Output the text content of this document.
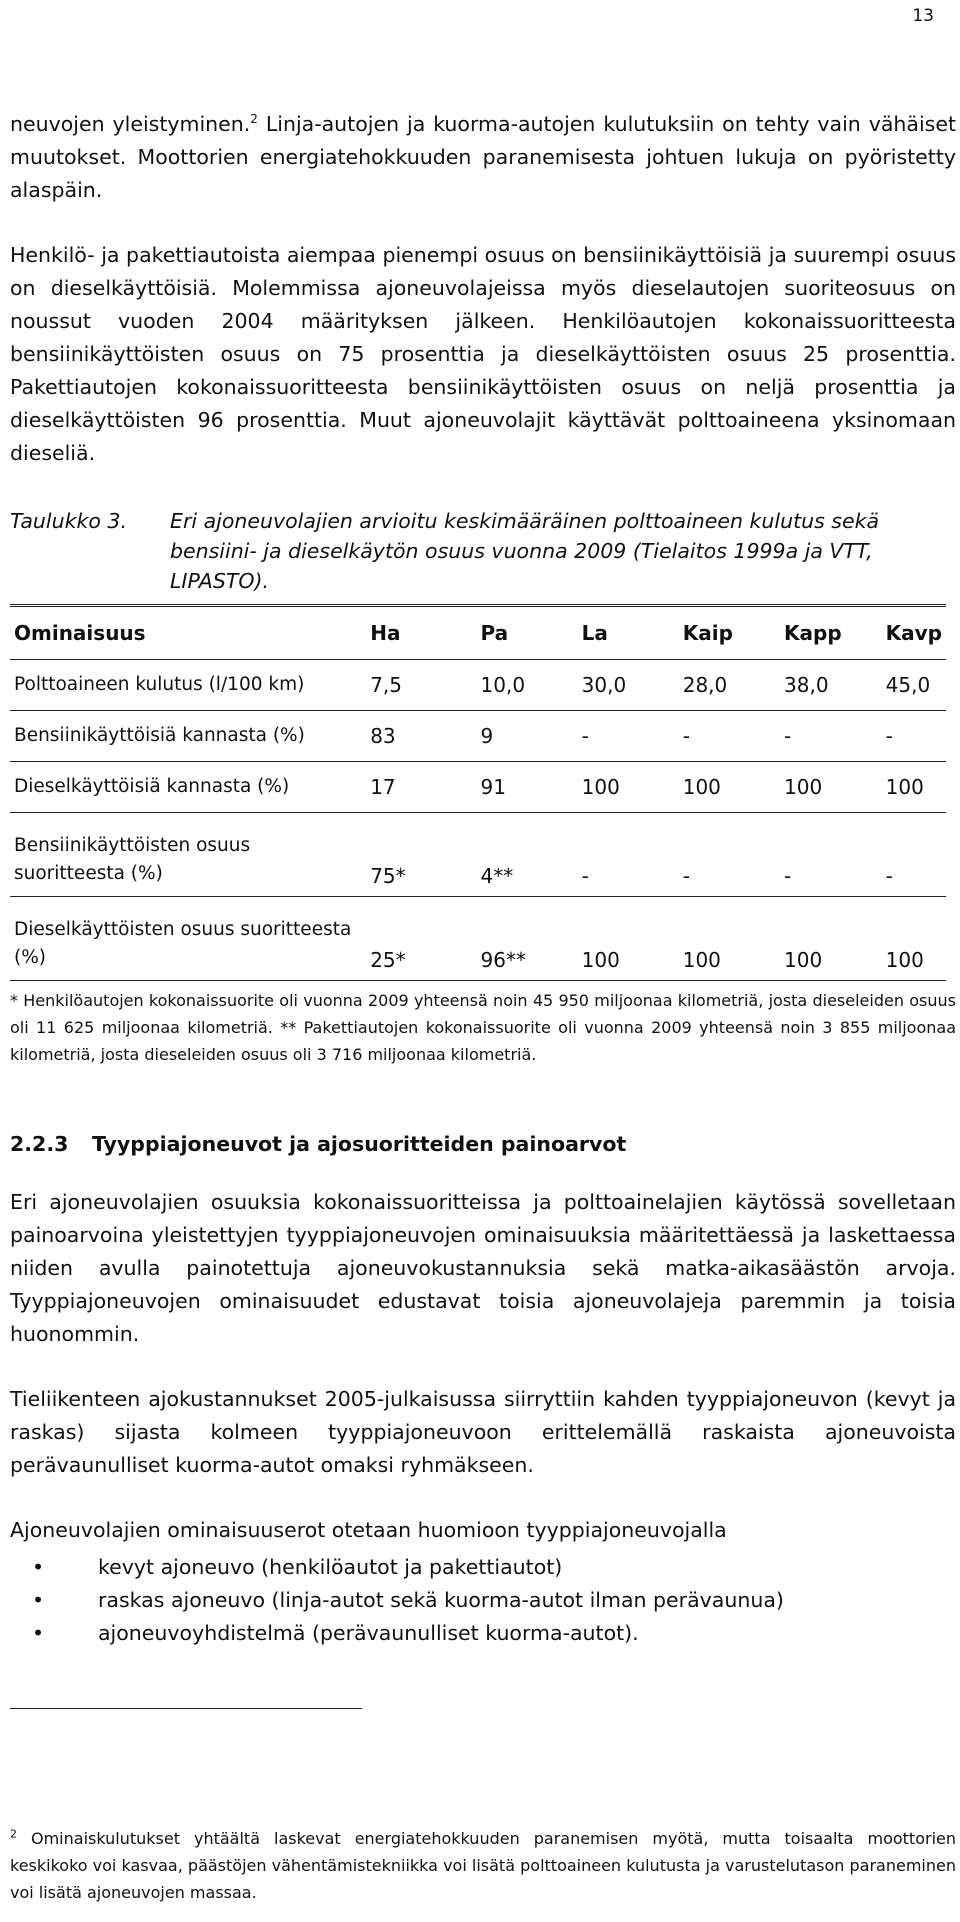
13

neuvojen yleistyminen.$^2$ Linja-autojen ja kuorma-autojen kulutuksiin on tehty vain vähäiset muutokset. Moottorien energiatehokkuuden paranemisesta johtuen lukuja on pyöristetty alaspäin.

Henkilö- ja pakettiautoista aiempaa pienempi osuus on bensiinikäyttöisiä ja suurempi osuus on dieselkäyttöisiä. Molemmissa ajoneuvolajeissa myös dieselautojen suoriteosuus on noussut vuoden 2004 määrityksen jälkeen. Henkilöautojen kokonaissuoritteesta bensiinikäyttöisten osuus on 75 prosenttia ja dieselkäyttöisten osuus 25 prosenttia. Pakettiautojen kokonaissuoritteesta bensiinikäyttöisten osuus on neljä prosenttia ja dieselkäyttöisten 96 prosenttia. Muut ajoneuvolajit käyttävät polttoaineena yksinomaan dieseliä.

Taulukko 3.	Eri ajoneuvolajien arvioitu keskimääräinen polttoaineen kulutus sekä bensiini- ja dieselkäytön osuus vuonna 2009 (Tielaitos 1999a ja VTT, LIPASTO).
Ominaisuus	Ha	Pa	La	Kaip	Kapp	Kavp
Polttoaineen kulutus (l/100 km)	7,5	10,0	30,0	28,0	38,0	45,0
Bensiinikäyttöisiä kannasta (%)	83	9	-	-	-	-
Dieselkäyttöisiä kannasta (%)	17	91	100	100	100	100
Bensiinikäyttöisten osuus suoritteesta (%)	75*	4**	-	-	-	-
Dieselkäyttöisten osuus suoritteesta (%)	25*	96**	100	100	100	100

* Henkilöautojen kokonaissuorite oli vuonna 2009 yhteensä noin 45 950 miljoonaa kilometriä, josta dieseleiden osuus oli 11 625 miljoonaa kilometriä. ** Pakettiautojen kokonaissuorite oli vuonna 2009 yhteensä noin 3 855 miljoonaa kilometriä, josta dieseleiden osuus oli 3 716 miljoonaa kilometriä.

2.2.3	Tyyppiajoneuvot ja ajosuoritteiden painoarvot

Eri ajoneuvolajien osuuksia kokonaissuoritteissa ja polttoainelajien käytössä sovelletaan painoarvoina yleistettyjen tyyppiajoneuvojen ominaisuuksia määritettäessä ja laskettaessa niiden avulla painotettuja ajoneuvokustannuksia sekä matka-aikasäästön arvoja. Tyyppiajoneuvojen ominaisuudet edustavat toisia ajoneuvolajeja paremmin ja toisia huonommin.

Tieliikenteen ajokustannukset 2005-julkaisussa siirryttiin kahden tyyppiajoneuvon (kevyt ja raskas) sijasta kolmeen tyyppiajoneuvoon erittelemällä raskaista ajoneuvoista perävaunulliset kuorma-autot omaksi ryhmäkseen.

Ajoneuvolajien ominaisuuserot otetaan huomioon tyyppiajoneuvojalla

•	kevyt ajoneuvo (henkilöautot ja pakettiautot)
•	raskas ajoneuvo (linja-autot sekä kuorma-autot ilman perävaunua)
•	ajoneuvoyhdistelmä (perävaunulliset kuorma-autot).

$^2$ Ominaiskulutukset yhtäältä laskevat energiatehokkuuden paranemisen myötä, mutta toisaalta moottorien keskikoko voi kasvaa, päästöjen vähentämistekniikka voi lisätä polttoaineen kulutusta ja varustelutason paraneminen voi lisätä ajoneuvojen massaa.
